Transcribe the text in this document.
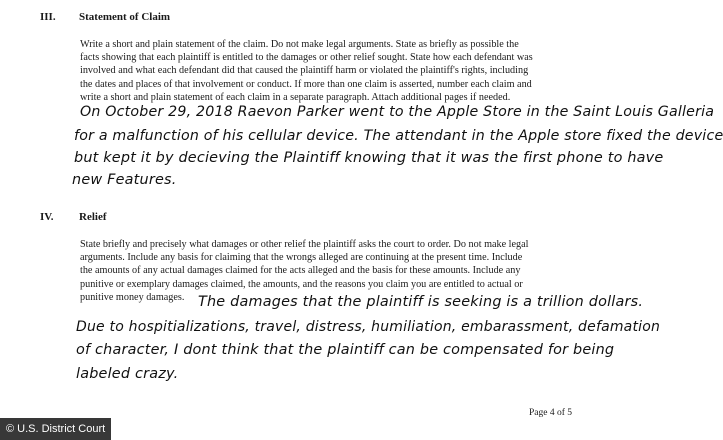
III. Statement of Claim
Write a short and plain statement of the claim. Do not make legal arguments. State as briefly as possible the
facts showing that each plaintiff is entitled to the damages or other relief sought. State how each defendant was
involved and what each defendant did that caused the plaintiff harm or violated the plaintiff's rights, including
the dates and places of that involvement or conduct. If more than one claim is asserted, number each claim and
write a short and plain statement of each claim in a separate paragraph. Attach additional pages if needed.
On October 29, 2018 Raevon Parker went to the Apple Store in the Saint Louis Galleria
for a malfunction of his cellular device. The attendant in the Apple store fixed the device
but kept it by decieving the Plaintiff knowing that it was the first phone to have
new Features.
IV. Relief
State briefly and precisely what damages or other relief the plaintiff asks the court to order. Do not make legal
arguments. Include any basis for claiming that the wrongs alleged are continuing at the present time. Include
the amounts of any actual damages claimed for the acts alleged and the basis for these amounts. Include any
punitive or exemplary damages claimed, the amounts, and the reasons you claim you are entitled to actual or
punitive money damages. The damages that the plaintiff is seeking is a trillion dollars.
Due to hospitializations, travel, distress, humiliation, embarassment, defamation
of character, I dont think that the plaintiff can be compensated for being
labeled crazy.
Page 4 of 5
© U.S. District Court
